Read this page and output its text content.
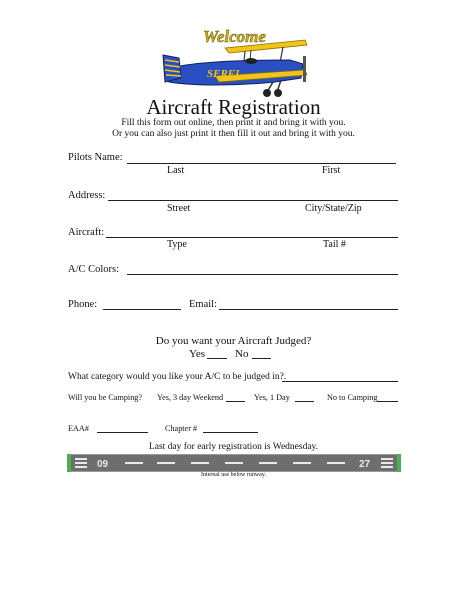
Welcome
SERFI
Aircraft Registration
Fill this form out online, then print it and bring it with you.
Or you can also just print it then fill it out and bring it with you.
Pilots Name:
Last	First
Address:
Street	City/State/Zip
Aircraft:
Type	Tail #
A/C Colors:
Phone:	Email:
Do you want your Aircraft Judged?
Yes	No
What category would you like your A/C to be judged in?.
Will you be Camping? Yes, 3 day Weekend	Yes, 1 Day	No to Camping
EAA#	Chapter #
Last day for early registration is Wednesday.
09	27
Internal use below runway.
